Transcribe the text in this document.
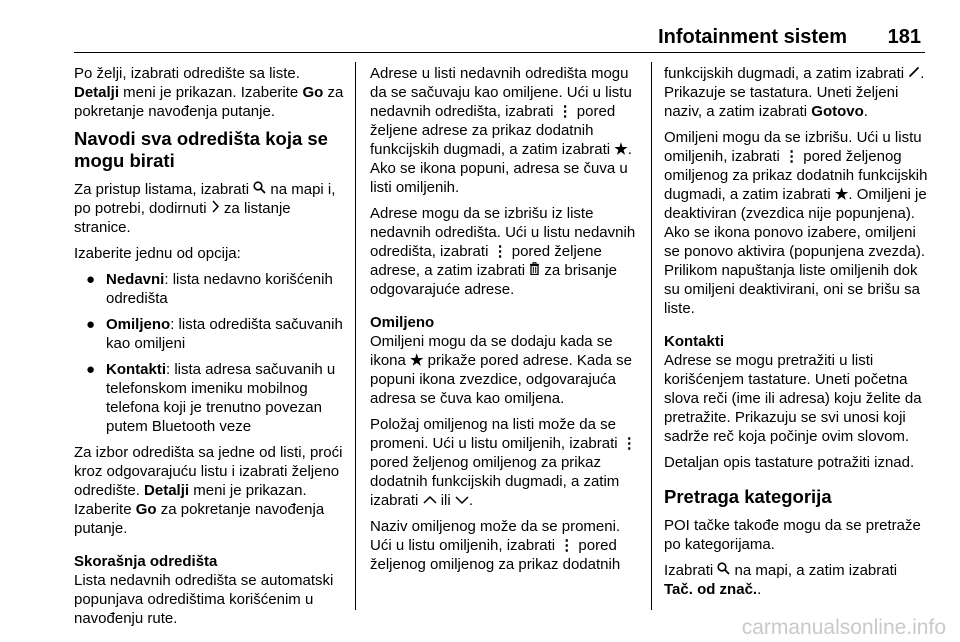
Infotainment sistem 181

Po želji, izabrati odredište sa liste. Detalji meni je prikazan. Izaberite Go za pokretanje navođenja putanje.

Navodi sva odredišta koja se mogu birati

Za pristup listama, izabrati  na mapi i, po potrebi, dodirnuti  za listanje stranice.

Izaberite jednu od opcija:

● Nedavni: lista nedavno korišćenih odredišta
● Omiljeno: lista odredišta sačuvanih kao omiljeni
● Kontakti: lista adresa sačuvanih u telefonskom imeniku mobilnog telefona koji je trenutno povezan putem Bluetooth veze

Za izbor odredišta sa jedne od listi, proći kroz odgovarajuću listu i izabrati željeno odredište. Detalji meni je prikazan. Izaberite Go za pokretanje navođenja putanje.

Skorašnja odredišta

Lista nedavnih odredišta se automatski popunjava odredištima korišćenim u navođenju rute.

Adrese u listi nedavnih odredišta mogu da se sačuvaju kao omiljene. Ući u listu nedavnih odredišta, izabrati ⋮ pored željene adrese za prikaz dodatnih funkcijskih dugmadi, a zatim izabrati ★. Ako se ikona popuni, adresa se čuva u listi omiljenih.

Adrese mogu da se izbrišu iz liste nedavnih odredišta. Ući u listu nedavnih odredišta, izabrati ⋮ pored željene adrese, a zatim izabrati  za brisanje odgovarajuće adrese.

Omiljeno

Omiljeni mogu da se dodaju kada se ikona ★ prikaže pored adrese. Kada se popuni ikona zvezdice, odgovarajuća adresa se čuva kao omiljena.

Položaj omiljenog na listi može da se promeni. Ući u listu omiljenih, izabrati ⋮ pored željenog omiljenog za prikaz dodatnih funkcijskih dugmadi, a zatim izabrati  ili .

Naziv omiljenog može da se promeni. Ući u listu omiljenih, izabrati ⋮ pored željenog omiljenog za prikaz dodatnih

funkcijskih dugmadi, a zatim izabrati . Prikazuje se tastatura. Uneti željeni naziv, a zatim izabrati Gotovo.

Omiljeni mogu da se izbrišu. Ući u listu omiljenih, izabrati ⋮ pored željenog omiljenog za prikaz dodatnih funkcijskih dugmadi, a zatim izabrati ★. Omiljeni je deaktiviran (zvezdica nije popunjena). Ako se ikona ponovo izabere, omiljeni se ponovo aktivira (popunjena zvezda). Prilikom napuštanja liste omiljenih dok su omiljeni deaktivirani, oni se brišu sa liste.

Kontakti

Adrese se mogu pretražiti u listi korišćenjem tastature. Uneti početna slova reči (ime ili adresa) koju želite da pretražite. Prikazuju se svi unosi koji sadrže reč koja počinje ovim slovom.

Detaljan opis tastature potražiti iznad.

Pretraga kategorija

POI tačke takođe mogu da se pretraže po kategorijama.

Izabrati  na mapi, a zatim izabrati Tač. od znač..

carmanualsonline.info
